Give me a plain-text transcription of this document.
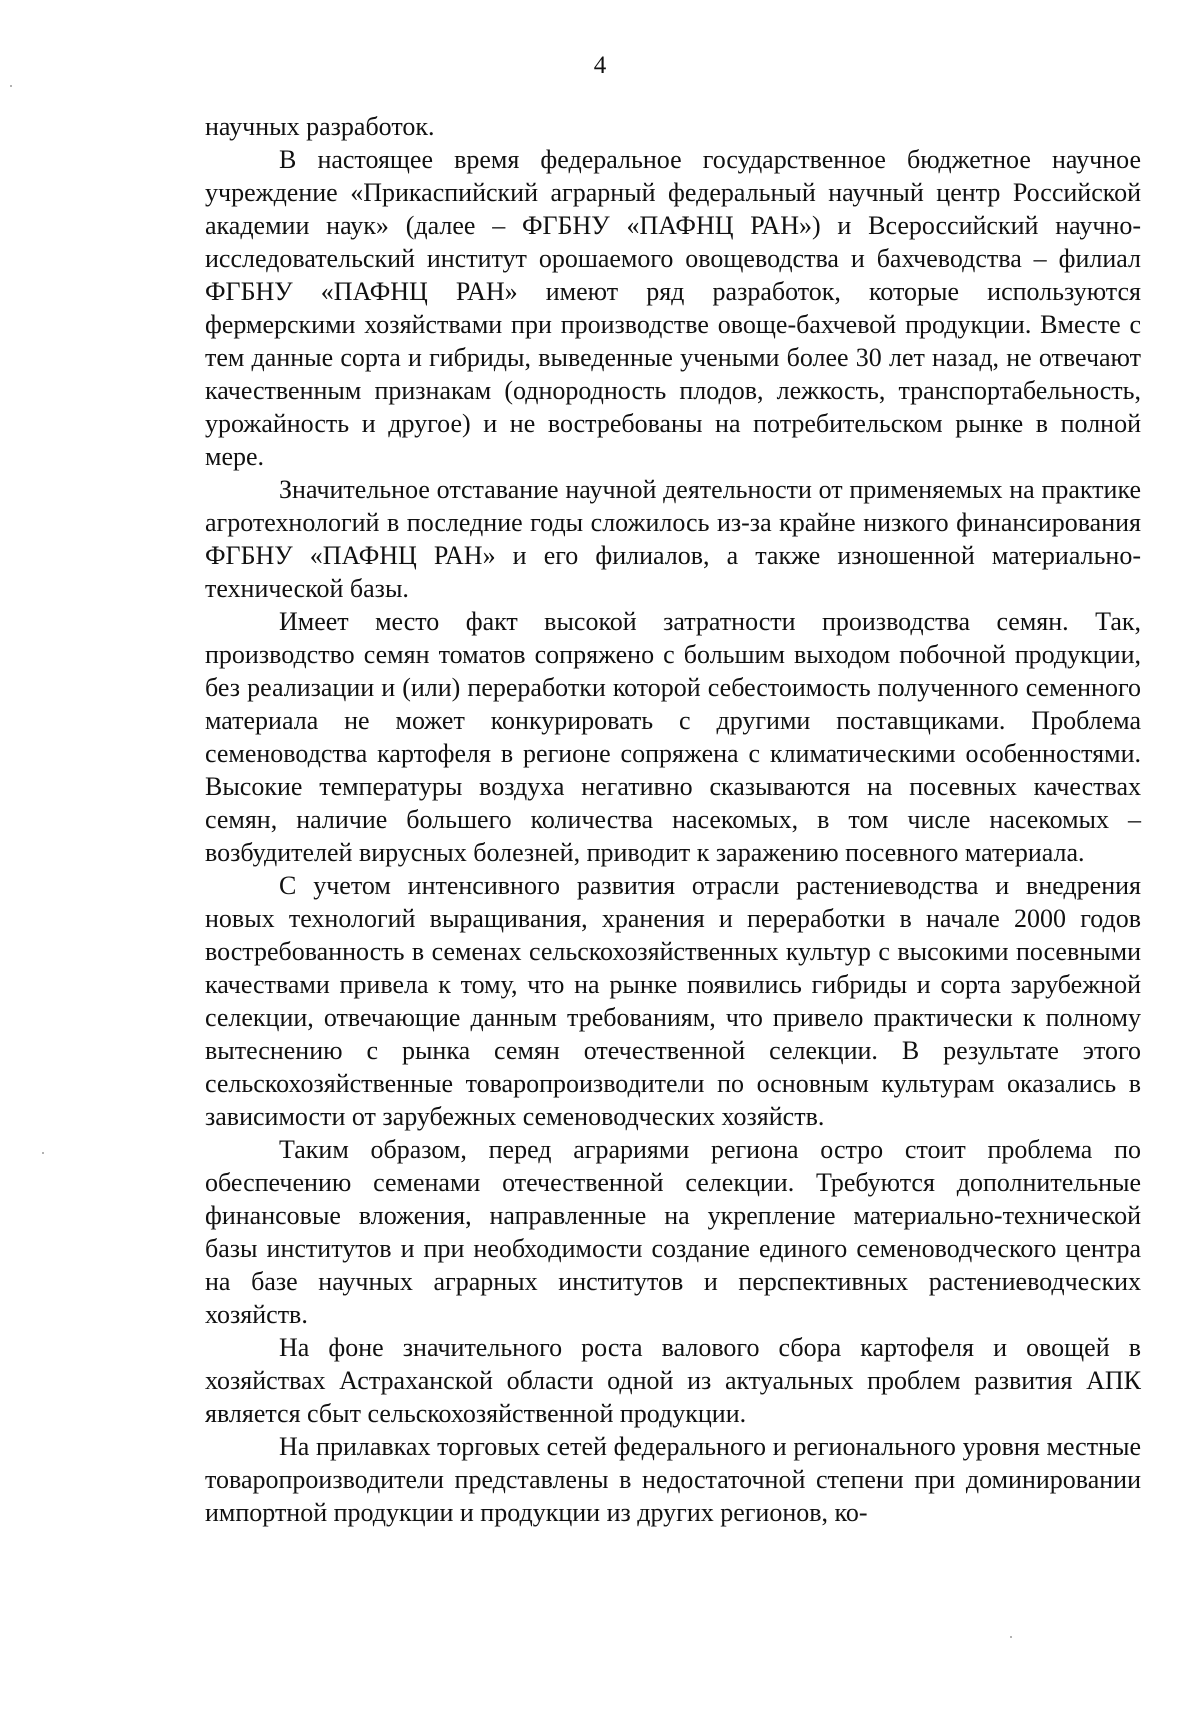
4

научных разработок.

В настоящее время федеральное государственное бюджетное научное учреждение «Прикаспийский аграрный федеральный научный центр Российской академии наук» (далее – ФГБНУ «ПАФНЦ РАН») и Всероссийский научно-исследовательский институт орошаемого овощеводства и бахчеводства – филиал ФГБНУ «ПАФНЦ РАН» имеют ряд разработок, которые используются фермерскими хозяйствами при производстве овоще-бахчевой продукции. Вместе с тем данные сорта и гибриды, выведенные учеными более 30 лет назад, не отвечают качественным признакам (однородность плодов, лежкость, транспортабельность, урожайность и другое) и не востребованы на потребительском рынке в полной мере.

Значительное отставание научной деятельности от применяемых на практике агротехнологий в последние годы сложилось из-за крайне низкого финансирования ФГБНУ «ПАФНЦ РАН» и его филиалов, а также изношенной материально-технической базы.

Имеет место факт высокой затратности производства семян. Так, производство семян томатов сопряжено с большим выходом побочной продукции, без реализации и (или) переработки которой себестоимость полученного семенного материала не может конкурировать с другими поставщиками. Проблема семеноводства картофеля в регионе сопряжена с климатическими особенностями. Высокие температуры воздуха негативно сказываются на посевных качествах семян, наличие большего количества насекомых, в том числе насекомых – возбудителей вирусных болезней, приводит к заражению посевного материала.

С учетом интенсивного развития отрасли растениеводства и внедрения новых технологий выращивания, хранения и переработки в начале 2000 годов востребованность в семенах сельскохозяйственных культур с высокими посевными качествами привела к тому, что на рынке появились гибриды и сорта зарубежной селекции, отвечающие данным требованиям, что привело практически к полному вытеснению с рынка семян отечественной селекции. В результате этого сельскохозяйственные товаропроизводители по основным культурам оказались в зависимости от зарубежных семеноводческих хозяйств.

Таким образом, перед аграриями региона остро стоит проблема по обеспечению семенами отечественной селекции. Требуются дополнительные финансовые вложения, направленные на укрепление материально-технической базы институтов и при необходимости создание единого семеноводческого центра на базе научных аграрных институтов и перспективных растениеводческих хозяйств.

На фоне значительного роста валового сбора картофеля и овощей в хозяйствах Астраханской области одной из актуальных проблем развития АПК является сбыт сельскохозяйственной продукции.

На прилавках торговых сетей федерального и регионального уровня местные товаропроизводители представлены в недостаточной степени при доминировании импортной продукции и продукции из других регионов, ко-
